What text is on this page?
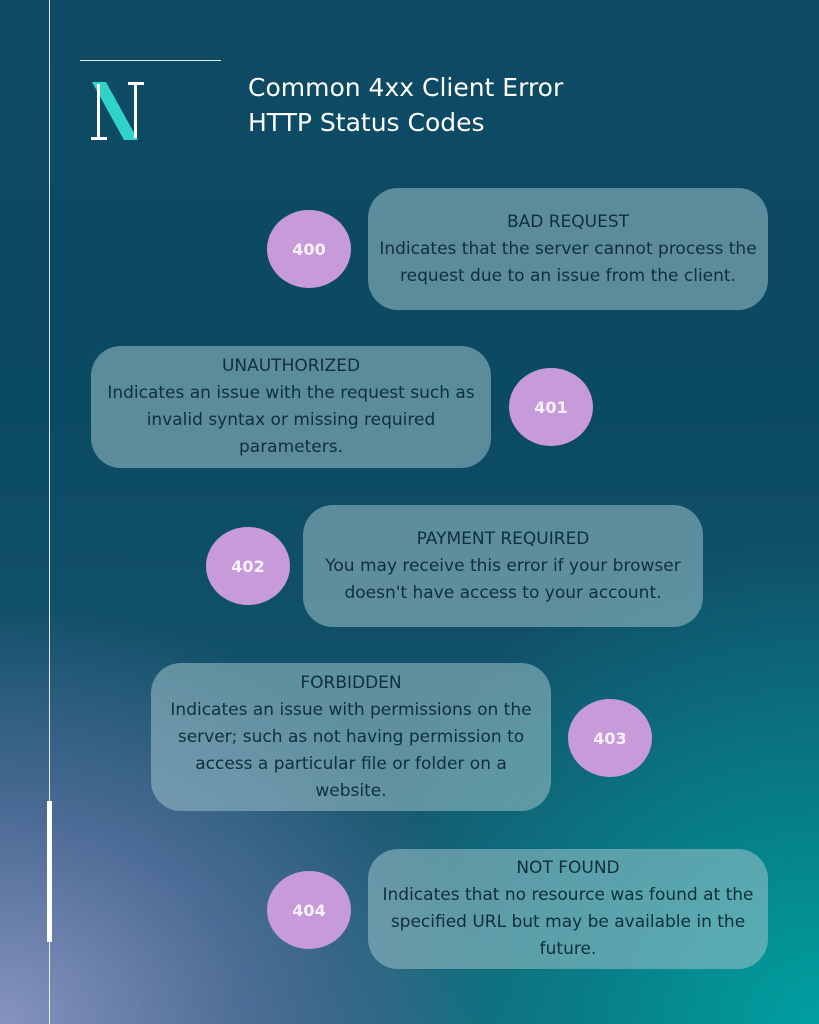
Common 4xx Client Error
HTTP Status Codes
400
BAD REQUEST
Indicates that the server cannot process the request due to an issue from the client.
UNAUTHORIZED
Indicates an issue with the request such as invalid syntax or missing required parameters.
401
402
PAYMENT REQUIRED
You may receive this error if your browser doesn't have access to your account.
FORBIDDEN
Indicates an issue with permissions on the server; such as not having permission to access a particular file or folder on a website.
403
404
NOT FOUND
Indicates that no resource was found at the specified URL but may be available in the future.
